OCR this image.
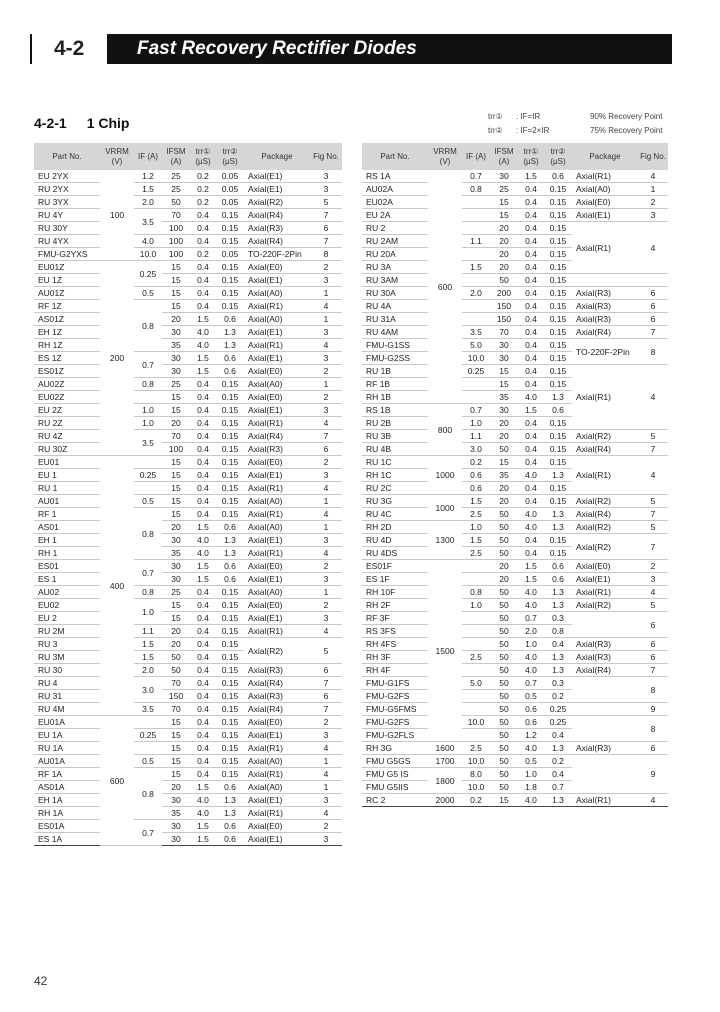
4-2	Fast Recovery Rectifier Diodes
4-2-1 1 Chip	trr① : IF=IR	90% Recovery Point
trr② : IF=2×IR	75% Recovery Point
Part No.	VRRM (V)	IF (A)	IFSM (A)	trr① (µS)	trr② (µS)	Package	Fig No.
EU 2YX	100	1.2	25	0.2	0.05	Axial(E1)	3
RU 2YX		1.5	25	0.2	0.05	Axial(E1)	3
RU 3YX		2.0	50	0.2	0.05	Axial(R2)	5
RU 4Y		3.5	70	0.4	0.15	Axial(R4)	7
RU 30Y			100	0.4	0.15	Axial(R3)	6
RU 4YX		4.0	100	0.4	0.15	Axial(R4)	7
FMU-G2YXS		10.0	100	0.2	0.05	TO-220F-2Pin	8
EU01Z	200	0.25	15	0.4	0.15	Axial(E0)	2
EU 1Z			15	0.4	0.15	Axial(E1)	3
AU01Z		0.5	15	0.4	0.15	Axial(A0)	1
RF 1Z		0.8	15	0.4	0.15	Axial(R1)	4
AS01Z			20	1.5	0.6	Axial(A0)	1
EH 1Z			30	4.0	1.3	Axial(E1)	3
RH 1Z			35	4.0	1.3	Axial(R1)	4
ES 1Z		0.7	30	1.5	0.6	Axial(E1)	3
ES01Z			30	1.5	0.6	Axial(E0)	2
AU02Z		0.8	25	0.4	0.15	Axial(A0)	1
EU02Z			15	0.4	0.15	Axial(E0)	2
EU 2Z		1.0	15	0.4	0.15	Axial(E1)	3
RU 2Z		1.0	20	0.4	0.15	Axial(R1)	4
RU 4Z		3.5	70	0.4	0.15	Axial(R4)	7
RU 30Z			100	0.4	0.15	Axial(R3)	6
EU01	400		15	0.4	0.15	Axial(E0)	2
EU 1		0.25	15	0.4	0.15	Axial(E1)	3
RU 1			15	0.4	0.15	Axial(R1)	4
AU01		0.5	15	0.4	0.15	Axial(A0)	1
RF 1		0.8	15	0.4	0.15	Axial(R1)	4
AS01			20	1.5	0.6	Axial(A0)	1
EH 1			30	4.0	1.3	Axial(E1)	3
RH 1			35	4.0	1.3	Axial(R1)	4
ES01		0.7	30	1.5	0.6	Axial(E0)	2
ES 1			30	1.5	0.6	Axial(E1)	3
AU02		0.8	25	0.4	0.15	Axial(A0)	1
EU02		1.0	15	0.4	0.15	Axial(E0)	2
EU 2			15	0.4	0.15	Axial(E1)	3
RU 2M		1.1	20	0.4	0.15	Axial(R1)	4
RU 3		1.5	20	0.4	0.15	Axial(R2)	5
RU 3M		1.5	50	0.4	0.15		
RU 30		2.0	50	0.4	0.15	Axial(R3)	6
RU 4		3.0	70	0.4	0.15	Axial(R4)	7
RU 31			150	0.4	0.15	Axial(R3)	6
RU 4M		3.5	70	0.4	0.15	Axial(R4)	7
EU01A	600		15	0.4	0.15	Axial(E0)	2
EU 1A		0.25	15	0.4	0.15	Axial(E1)	3
RU 1A			15	0.4	0.15	Axial(R1)	4
AU01A		0.5	15	0.4	0.15	Axial(A0)	1
RF 1A		0.8	15	0.4	0.15	Axial(R1)	4
AS01A			20	1.5	0.6	Axial(A0)	1
EH 1A			30	4.0	1.3	Axial(E1)	3
RH 1A			35	4.0	1.3	Axial(R1)	4
ES01A		0.7	30	1.5	0.6	Axial(E0)	2
ES 1A			30	1.5	0.6	Axial(E1)	3
Part No.	VRRM (V)	IF (A)	IFSM (A)	trr① (µS)	trr② (µS)	Package	Fig No.
RS 1A	600	0.7	30	1.5	0.6	Axial(R1)	4
AU02A		0.8	25	0.4	0.15	Axial(A0)	1
EU02A			15	0.4	0.15	Axial(E0)	2
EU 2A			15	0.4	0.15	Axial(E1)	3
RU 2			20	0.4	0.15	Axial(R1)	4
RU 2AM		1.1	20	0.4	0.15		
RU 20A			20	0.4	0.15		
RU 3A		1.5	20	0.4	0.15		
RU 3AM			50	0.4	0.15		
RU 30A		2.0	200	0.4	0.15	Axial(R3)	6
RU 4A			150	0.4	0.15	Axial(R3)	6
RU 31A			150	0.4	0.15	Axial(R3)	6
RU 4AM		3.5	70	0.4	0.15	Axial(R4)	7
FMU-G1SS		5.0	30	0.4	0.15	TO-220F-2Pin	8
FMU-G2SS		10.0	30	0.4	0.15		
RU 1B		0.25	15	0.4	0.15	Axial(R1)	4
RF 1B			15	0.4	0.15		
RH 1B			35	4.0	1.3		
RS 1B	800	0.7	30	1.5	0.6		
RU 2B		1.0	20	0.4	0.15		
RU 3B		1.1	20	0.4	0.15	Axial(R2)	5
RU 4B		3.0	50	0.4	0.15	Axial(R4)	7
RU 1C	1000	0.2	15	0.4	0.15	Axial(R1)	4
RH 1C		0.6	35	4.0	1.3		
RU 2C		0.6	20	0.4	0.15		
RU 3G	1000	1.5	20	0.4	0.15	Axial(R2)	5
RU 4C		2.5	50	4.0	1.3	Axial(R4)	7
RH 2D	1300	1.0	50	4.0	1.3	Axial(R2)	5
RU 4D		1.5	50	0.4	0.15	Axial(R2)	7
RU 4DS		2.5	50	0.4	0.15		
ES01F	1500		20	1.5	0.6	Axial(E0)	2
ES 1F			20	1.5	0.6	Axial(E1)	3
RH 10F		0.8	50	4.0	1.3	Axial(R1)	4
RH 2F		1.0	50	4.0	1.3	Axial(R2)	5
RF 3F			50	0.7	0.3		6
RS 3FS			50	2.0	0.8		
RH 4FS			50	1.0	0.4	Axial(R3)	6
RH 3F		2.5	50	4.0	1.3	Axial(R3)	6
RH 4F			50	4.0	1.3	Axial(R4)	7
FMU-G1FS		5.0	50	0.7	0.3		8
FMU-G2FS			50	0.5	0.2		
FMU-G5FMS			50	0.6	0.25		9
FMU-G2FS		10.0	50	0.6	0.25		8
FMU-G2FLS			50	1.2	0.4		
RH 3G	1600	2.5	50	4.0	1.3	Axial(R3)	6
FMU G5GS	1700	10.0	50	0.5	0.2		9
FMU G5 IS	1800	8.0	50	1.0	0.4		
FMU G5IIS		10.0	50	1.8	0.7		
RC 2	2000	0.2	15	4.0	1.3	Axial(R1)	4
42
